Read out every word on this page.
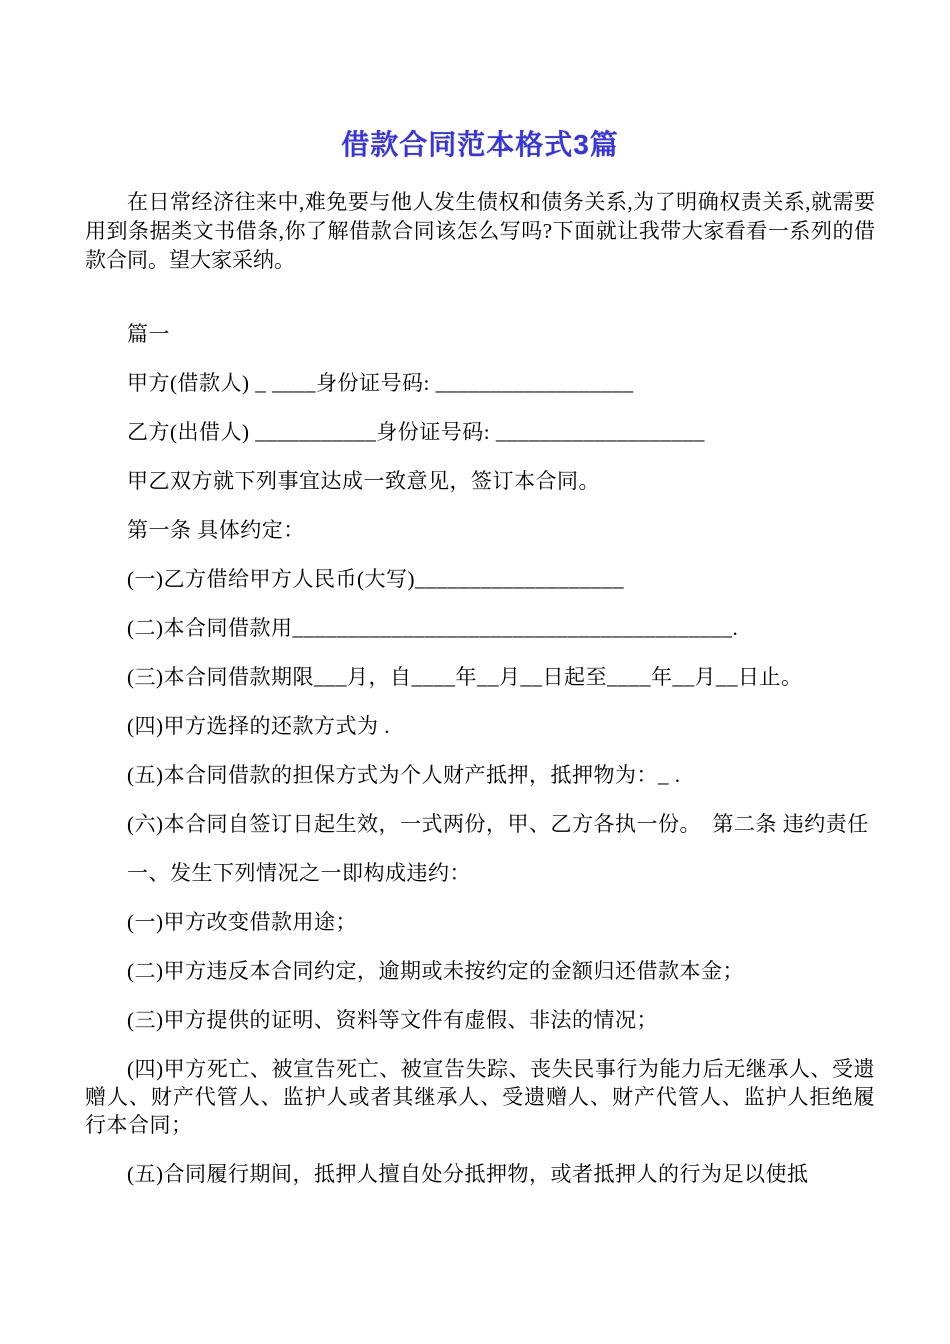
借款合同范本格式3篇

在日常经济往来中,难免要与他人发生债权和债务关系,为了明确权责关系,就需要用到条据类文书借条,你了解借款合同该怎么写吗?下面就让我带大家看看一系列的借款合同。望大家采纳。

篇一

甲方(借款人) _ ____身份证号码: __________________

乙方(出借人) ___________身份证号码: ___________________

甲乙双方就下列事宜达成一致意见，签订本合同。

第一条 具体约定：

(一)乙方借给甲方人民币(大写)___________________

(二)本合同借款用________________________________________.

(三)本合同借款期限___月，自____年__月__日起至____年__月__日止。

(四)甲方选择的还款方式为 .

(五)本合同借款的担保方式为个人财产抵押，抵押物为：_ .

(六)本合同自签订日起生效，一式两份，甲、乙方各执一份。  第二条 违约责任

一、发生下列情况之一即构成违约：

(一)甲方改变借款用途；

(二)甲方违反本合同约定，逾期或未按约定的金额归还借款本金；

(三)甲方提供的证明、资料等文件有虚假、非法的情况；

(四)甲方死亡、被宣告死亡、被宣告失踪、丧失民事行为能力后无继承人、受遗赠人、财产代管人、监护人或者其继承人、受遗赠人、财产代管人、监护人拒绝履行本合同；

(五)合同履行期间，抵押人擅自处分抵押物，或者抵押人的行为足以使抵
